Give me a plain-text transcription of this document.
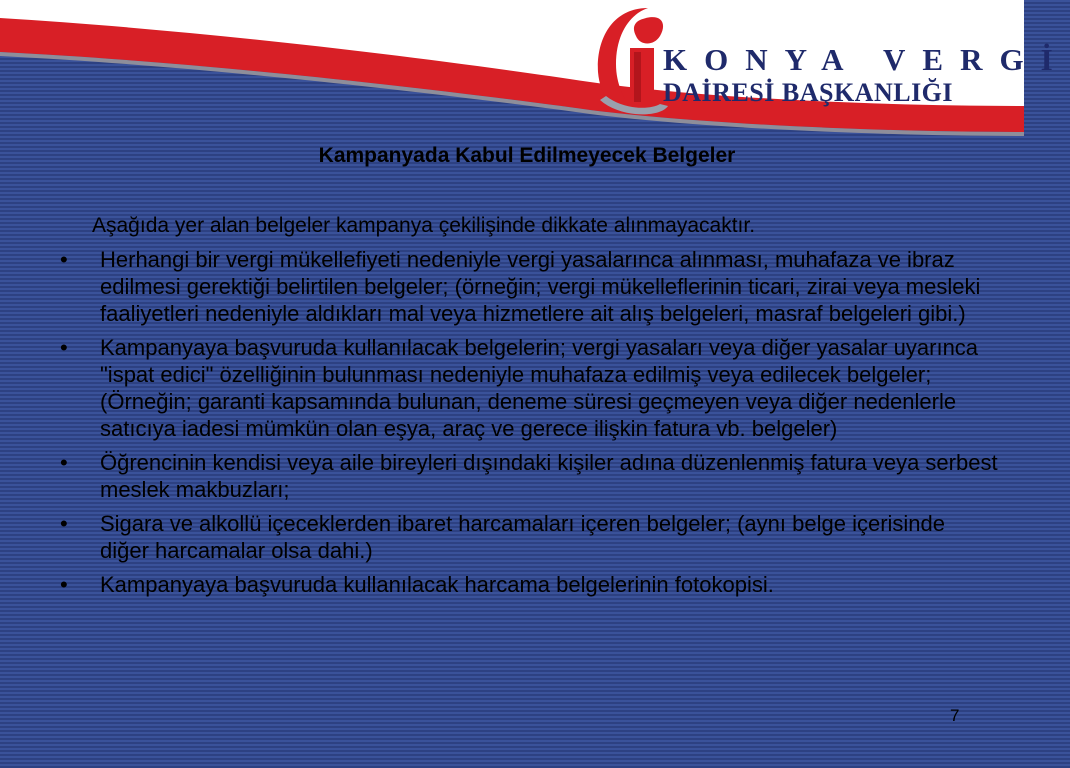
KONYA VERGİ
DAİRESİ BAŞKANLIĞI
Kampanyada Kabul Edilmeyecek Belgeler
Aşağıda yer alan belgeler kampanya çekilişinde dikkate alınmayacaktır.
• Herhangi bir vergi mükellefiyeti nedeniyle vergi yasalarınca alınması, muhafaza ve ibraz edilmesi gerektiği belirtilen belgeler; (örneğin; vergi mükelleflerinin ticari, zirai veya mesleki faaliyetleri nedeniyle aldıkları mal veya hizmetlere ait alış belgeleri, masraf belgeleri gibi.)
• Kampanyaya başvuruda kullanılacak belgelerin; vergi yasaları veya diğer yasalar uyarınca "ispat edici" özelliğinin bulunması nedeniyle muhafaza edilmiş veya edilecek belgeler; (Örneğin; garanti kapsamında bulunan, deneme süresi geçmeyen veya diğer nedenlerle satıcıya iadesi mümkün olan eşya, araç ve gerece ilişkin fatura vb. belgeler)
• Öğrencinin kendisi veya aile bireyleri dışındaki kişiler adına düzenlenmiş fatura veya serbest meslek makbuzları;
• Sigara ve alkollü içeceklerden ibaret harcamaları içeren belgeler; (aynı belge içerisinde diğer harcamalar olsa dahi.)
• Kampanyaya başvuruda kullanılacak harcama belgelerinin fotokopisi.
7
